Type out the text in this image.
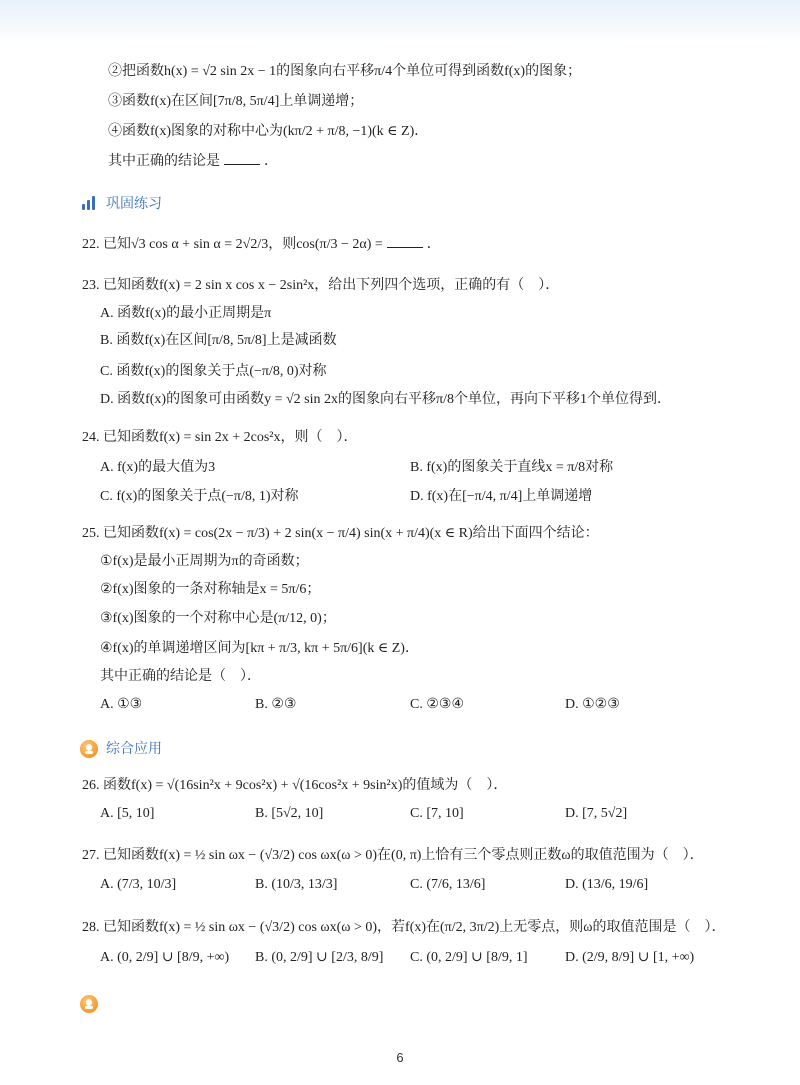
②把函数h(x) = √2 sin 2x − 1的图象向右平移π/4个单位可得到函数f(x)的图象；
③函数f(x)在区间[7π/8, 5π/4]上单调递增；
④函数f(x)图象的对称中心为(kπ/2 + π/8, −1)(k ∈ Z)．
其中正确的结论是	．
巩固练习
22. 已知√3 cos α + sin α = 2√2/3，则cos(π/3 − 2α) =	．
23. 已知函数f(x) = 2 sin x cos x − 2sin²x，给出下列四个选项，正确的有（　）．
A. 函数f(x)的最小正周期是π
B. 函数f(x)在区间[π/8, 5π/8]上是减函数
C. 函数f(x)的图象关于点(−π/8, 0)对称
D. 函数f(x)的图象可由函数y = √2 sin 2x的图象向右平移π/8个单位，再向下平移1个单位得到．
24. 已知函数f(x) = sin 2x + 2cos²x，则（　）．
A. f(x)的最大值为3	B. f(x)的图象关于直线x = π/8对称
C. f(x)的图象关于点(−π/8, 1)对称	D. f(x)在[−π/4, π/4]上单调递增
25. 已知函数f(x) = cos(2x − π/3) + 2 sin(x − π/4) sin(x + π/4)(x ∈ R)给出下面四个结论：
①f(x)是最小正周期为π的奇函数；
②f(x)图象的一条对称轴是x = 5π/6；
③f(x)图象的一个对称中心是(π/12, 0)；
④f(x)的单调递增区间为[kπ + π/3, kπ + 5π/6](k ∈ Z)．
其中正确的结论是（　）．
A. ①③	B. ②③	C. ②③④	D. ①②③
综合应用
26. 函数f(x) = √(16sin²x + 9cos²x) + √(16cos²x + 9sin²x)的值域为（　）．
A. [5, 10]	B. [5√2, 10]	C. [7, 10]	D. [7, 5√2]
27. 已知函数f(x) = ½ sin ωx − (√3/2) cos ωx(ω > 0)在(0, π)上恰有三个零点则正数ω的取值范围为（　）．
A. (7/3, 10/3]	B. (10/3, 13/3]	C. (7/6, 13/6]	D. (13/6, 19/6]
28. 已知函数f(x) = ½ sin ωx − (√3/2) cos ωx(ω > 0)，若f(x)在(π/2, 3π/2)上无零点，则ω的取值范围是（　）．
A. (0, 2/9] ∪ [8/9, +∞) B. (0, 2/9] ∪ [2/3, 8/9] C. (0, 2/9] ∪ [8/9, 1]	D. (2/9, 8/9] ∪ [1, +∞)
6
